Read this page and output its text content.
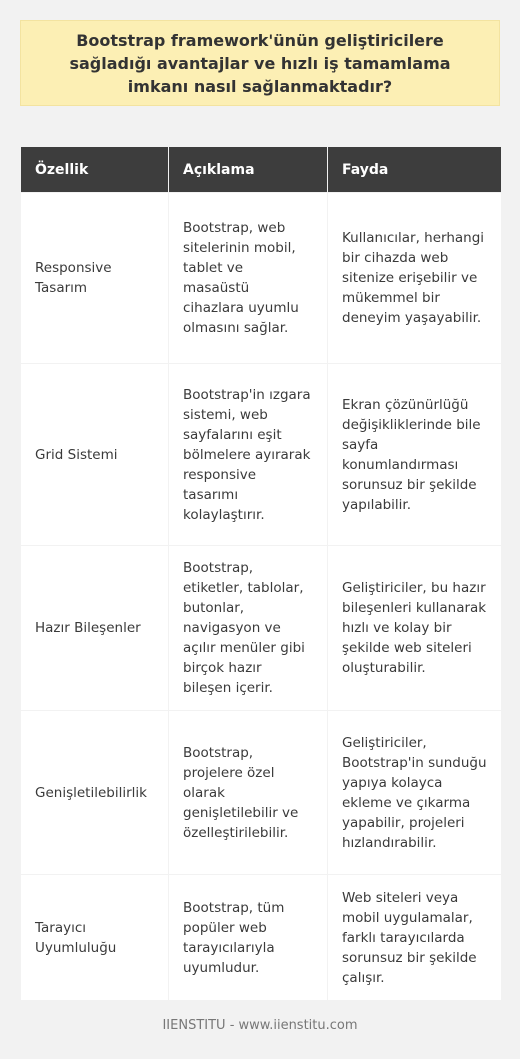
Bootstrap framework'ünün geliştiricilere sağladığı avantajlar ve hızlı iş tamamlama imkanı nasıl sağlanmaktadır?
Özellik	Açıklama	Fayda
Responsive Tasarım	Bootstrap, web sitelerinin mobil, tablet ve masaüstü cihazlara uyumlu olmasını sağlar.	Kullanıcılar, herhangi bir cihazda web sitenize erişebilir ve mükemmel bir deneyim yaşayabilir.
Grid Sistemi	Bootstrap'in ızgara sistemi, web sayfalarını eşit bölmelere ayırarak responsive tasarımı kolaylaştırır.	Ekran çözünürlüğü değişikliklerinde bile sayfa konumlandırması sorunsuz bir şekilde yapılabilir.
Hazır Bileşenler	Bootstrap, etiketler, tablolar, butonlar, navigasyon ve açılır menüler gibi birçok hazır bileşen içerir.	Geliştiriciler, bu hazır bileşenleri kullanarak hızlı ve kolay bir şekilde web siteleri oluşturabilir.
Genişletilebilirlik	Bootstrap, projelere özel olarak genişletilebilir ve özelleştirilebilir.	Geliştiriciler, Bootstrap'in sunduğu yapıya kolayca ekleme ve çıkarma yapabilir, projeleri hızlandırabilir.
Tarayıcı Uyumluluğu	Bootstrap, tüm popüler web tarayıcılarıyla uyumludur.	Web siteleri veya mobil uygulamalar, farklı tarayıcılarda sorunsuz bir şekilde çalışır.
IIENSTITU - www.iienstitu.com
